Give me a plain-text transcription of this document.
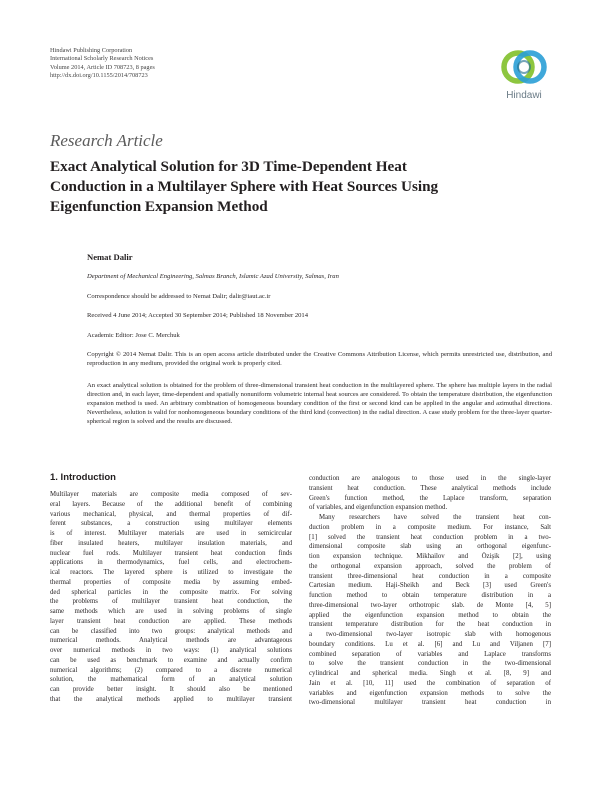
Hindawi Publishing Corporation
International Scholarly Research Notices
Volume 2014, Article ID 708723, 8 pages
http://dx.doi.org/10.1155/2014/708723
Hindawi
Research Article
Exact Analytical Solution for 3D Time-Dependent Heat
Conduction in a Multilayer Sphere with Heat Sources Using
Eigenfunction Expansion Method
Nemat Dalir
Department of Mechanical Engineering, Salmas Branch, Islamic Azad University, Salmas, Iran
Correspondence should be addressed to Nemat Dalir; dalir@iaut.ac.ir
Received 4 June 2014; Accepted 30 September 2014; Published 18 November 2014
Academic Editor: Jose C. Merchuk
Copyright © 2014 Nemat Dalir. This is an open access article distributed under the Creative Commons Attribution License, which permits unrestricted use, distribution, and reproduction in any medium, provided the original work is properly cited.
An exact analytical solution is obtained for the problem of three-dimensional transient heat conduction in the multilayered sphere. The sphere has multiple layers in the radial direction and, in each layer, time-dependent and spatially nonuniform volumetric internal heat sources are considered. To obtain the temperature distribution, the eigenfunction expansion method is used. An arbitrary combination of homogeneous boundary condition of the first or second kind can be applied in the angular and azimuthal directions. Nevertheless, solution is valid for nonhomogeneous boundary conditions of the third kind (convection) in the radial direction. A case study problem for the three-layer quarter-spherical region is solved and the results are discussed.
1. Introduction
Multilayer materials are composite media composed of sev-
eral layers. Because of the additional benefit of combining
various mechanical, physical, and thermal properties of dif-
ferent substances, a construction using multilayer elements
is of interest. Multilayer materials are used in semicircular
fiber insulated heaters, multilayer insulation materials, and
nuclear fuel rods. Multilayer transient heat conduction finds
applications in thermodynamics, fuel cells, and electrochem-
ical reactors. The layered sphere is utilized to investigate the
thermal properties of composite media by assuming embed-
ded spherical particles in the composite matrix. For solving
the problems of multilayer transient heat conduction, the
same methods which are used in solving problems of single
layer transient heat conduction are applied. These methods
can be classified into two groups: analytical methods and
numerical methods. Analytical methods are advantageous
over numerical methods in two ways: (1) analytical solutions
can be used as benchmark to examine and actually confirm
numerical algorithms; (2) compared to a discrete numerical
solution, the mathematical form of an analytical solution
can provide better insight. It should also be mentioned
that the analytical methods applied to multilayer transient
conduction are analogous to those used in the single-layer
transient heat conduction. These analytical methods include
Green's function method, the Laplace transform, separation
of variables, and eigenfunction expansion method.
Many researchers have solved the transient heat con-
duction problem in a composite medium. For instance, Salt
[1] solved the transient heat conduction problem in a two-
dimensional composite slab using an orthogonal eigenfunc-
tion expansion technique. Mikhailov and Özişik [2], using
the orthogonal expansion approach, solved the problem of
transient three-dimensional heat conduction in a composite
Cartesian medium. Haji-Sheikh and Beck [3] used Green's
function method to obtain temperature distribution in a
three-dimensional two-layer orthotropic slab. de Monte [4, 5]
applied the eigenfunction expansion method to obtain the
transient temperature distribution for the heat conduction in
a two-dimensional two-layer isotropic slab with homogenous
boundary conditions. Lu et al. [6] and Lu and Viljanen [7]
combined separation of variables and Laplace transforms
to solve the transient conduction in the two-dimensional
cylindrical and spherical media. Singh et al. [8, 9] and
Jain et al. [10, 11] used the combination of separation of
variables and eigenfunction expansion methods to solve the
two-dimensional multilayer transient heat conduction in
